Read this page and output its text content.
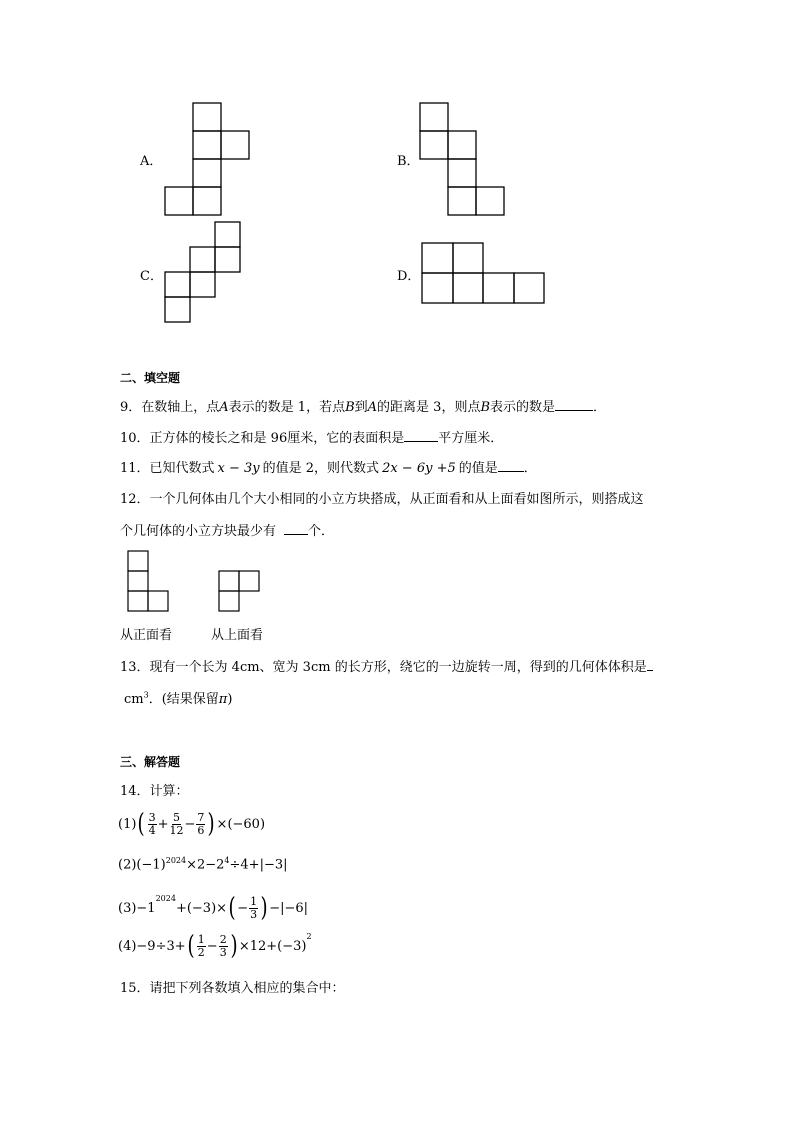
A．	B．
C．	D．
二、填空题
9．在数轴上，点A表示的数是 1，若点B到A的距离是 3，则点B表示的数是	．
10．正方体的棱长之和是 96厘米，它的表面积是	平方厘米．
11．已知代数式 x − 3y 的值是 2，则代数式 2x − 6y +5 的值是 ．
12．一个几何体由几个大小相同的小立方块搭成，从正面看和从上面看如图所示，则搭成这
个几何体的小立方块最少有 个．
从正面看	从上面看
13．现有一个长为 4cm、宽为 3cm 的长方形，绕它的一边旋转一周，得到的几何体体积是
$cm^3$．(结果保留π)
三、解答题
14．计算：
(1) ( $\frac{3}{4} + \frac{5}{12} - \frac{7}{6}$ ) ×(−60)
$(2)(-1)^{2024}\times 2-2^4\div 4+|-3|$
(3)−1
$^{2024}$
+(−3)× ( − $\frac{1}{3}$ ) −|−6|
(4)−9÷3+ ( $\frac{1}{2} - \frac{2}{3}$ ) ×12+(−3)
$^2$
15．请把下列各数填入相应的集合中：
